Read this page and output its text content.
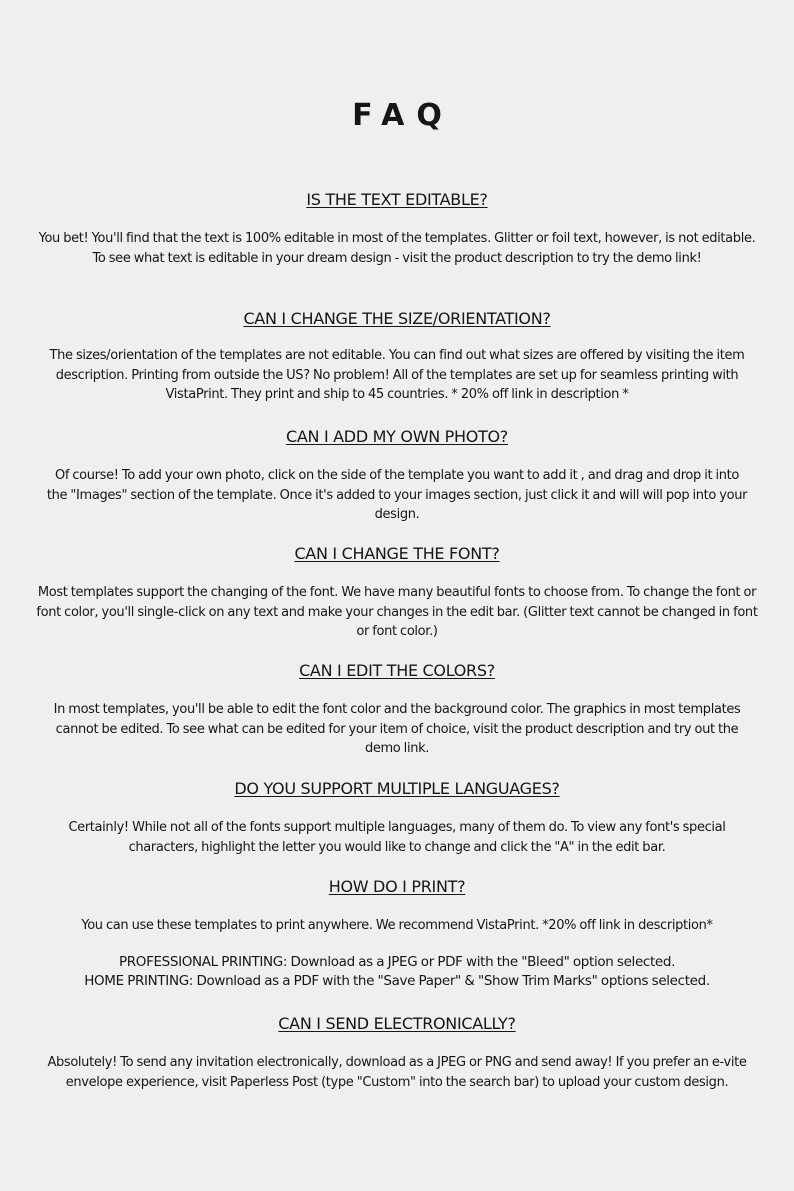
FAQ
IS THE TEXT EDITABLE?

You bet! You'll find that the text is 100% editable in most of the templates. Glitter or foil text, however, is not editable. To see what text is editable in your dream design - visit the product description to try the demo link!

CAN I CHANGE THE SIZE/ORIENTATION?

The sizes/orientation of the templates are not editable. You can find out what sizes are offered by visiting the item description. Printing from outside the US? No problem! All of the templates are set up for seamless printing with VistaPrint. They print and ship to 45 countries. * 20% off link in description *

CAN I ADD MY OWN PHOTO?

Of course! To add your own photo, click on the side of the template you want to add it , and drag and drop it into the "Images" section of the template. Once it's added to your images section, just click it and will will pop into your design.

CAN I CHANGE THE FONT?

Most templates support the changing of the font. We have many beautiful fonts to choose from. To change the font or font color, you'll single-click on any text and make your changes in the edit bar. (Glitter text cannot be changed in font or font color.)

CAN I EDIT THE COLORS?

In most templates, you'll be able to edit the font color and the background color. The graphics in most templates cannot be edited. To see what can be edited for your item of choice, visit the product description and try out the demo link.

DO YOU SUPPORT MULTIPLE LANGUAGES?

Certainly! While not all of the fonts support multiple languages, many of them do. To view any font's special characters, highlight the letter you would like to change and click the "A" in the edit bar.

HOW DO I PRINT?

You can use these templates to print anywhere. We recommend VistaPrint. *20% off link in description*

PROFESSIONAL PRINTING: Download as a JPEG or PDF with the "Bleed" option selected.
HOME PRINTING: Download as a PDF with the "Save Paper" & "Show Trim Marks" options selected.
CAN I SEND ELECTRONICALLY?

Absolutely! To send any invitation electronically, download as a JPEG or PNG and send away! If you prefer an e-vite envelope experience, visit Paperless Post (type "Custom" into the search bar) to upload your custom design.
